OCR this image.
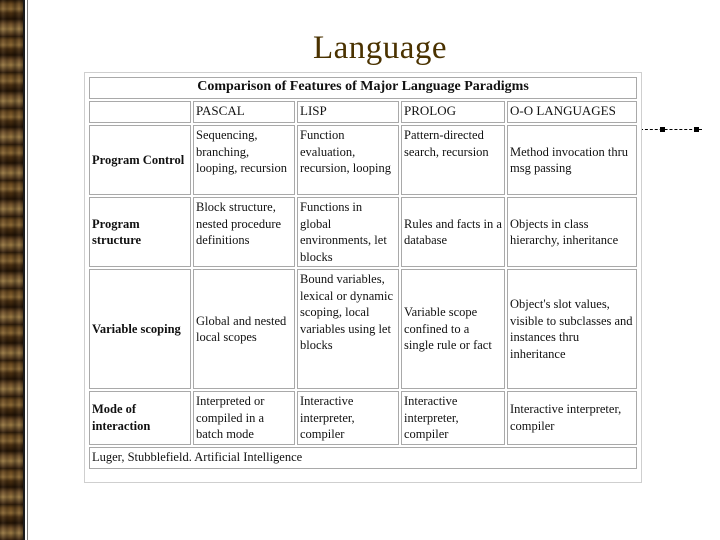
Language
Comparison of Features of Major Language Paradigms				
	PASCAL	LISP	PROLOG	O-O LANGUAGES
Program Control	Sequencing, branching, looping, recursion	Function evaluation, recursion, looping	Pattern-directed search, recursion	Method invocation thru msg passing
Program structure	Block structure, nested procedure definitions	Functions in global environments, let blocks	Rules and facts in a database	Objects in class hierarchy, inheritance
Variable scoping	Global and nested local scopes	Bound variables, lexical or dynamic scoping, local variables using let blocks	Variable scope confined to a single rule or fact	Object's slot values, visible to subclasses and instances thru inheritance
Mode of interaction	Interpreted or compiled in a batch mode	Interactive interpreter, compiler	Interactive interpreter, compiler	Interactive interpreter, compiler
Luger, Stubblefield. Artificial Intelligence				
